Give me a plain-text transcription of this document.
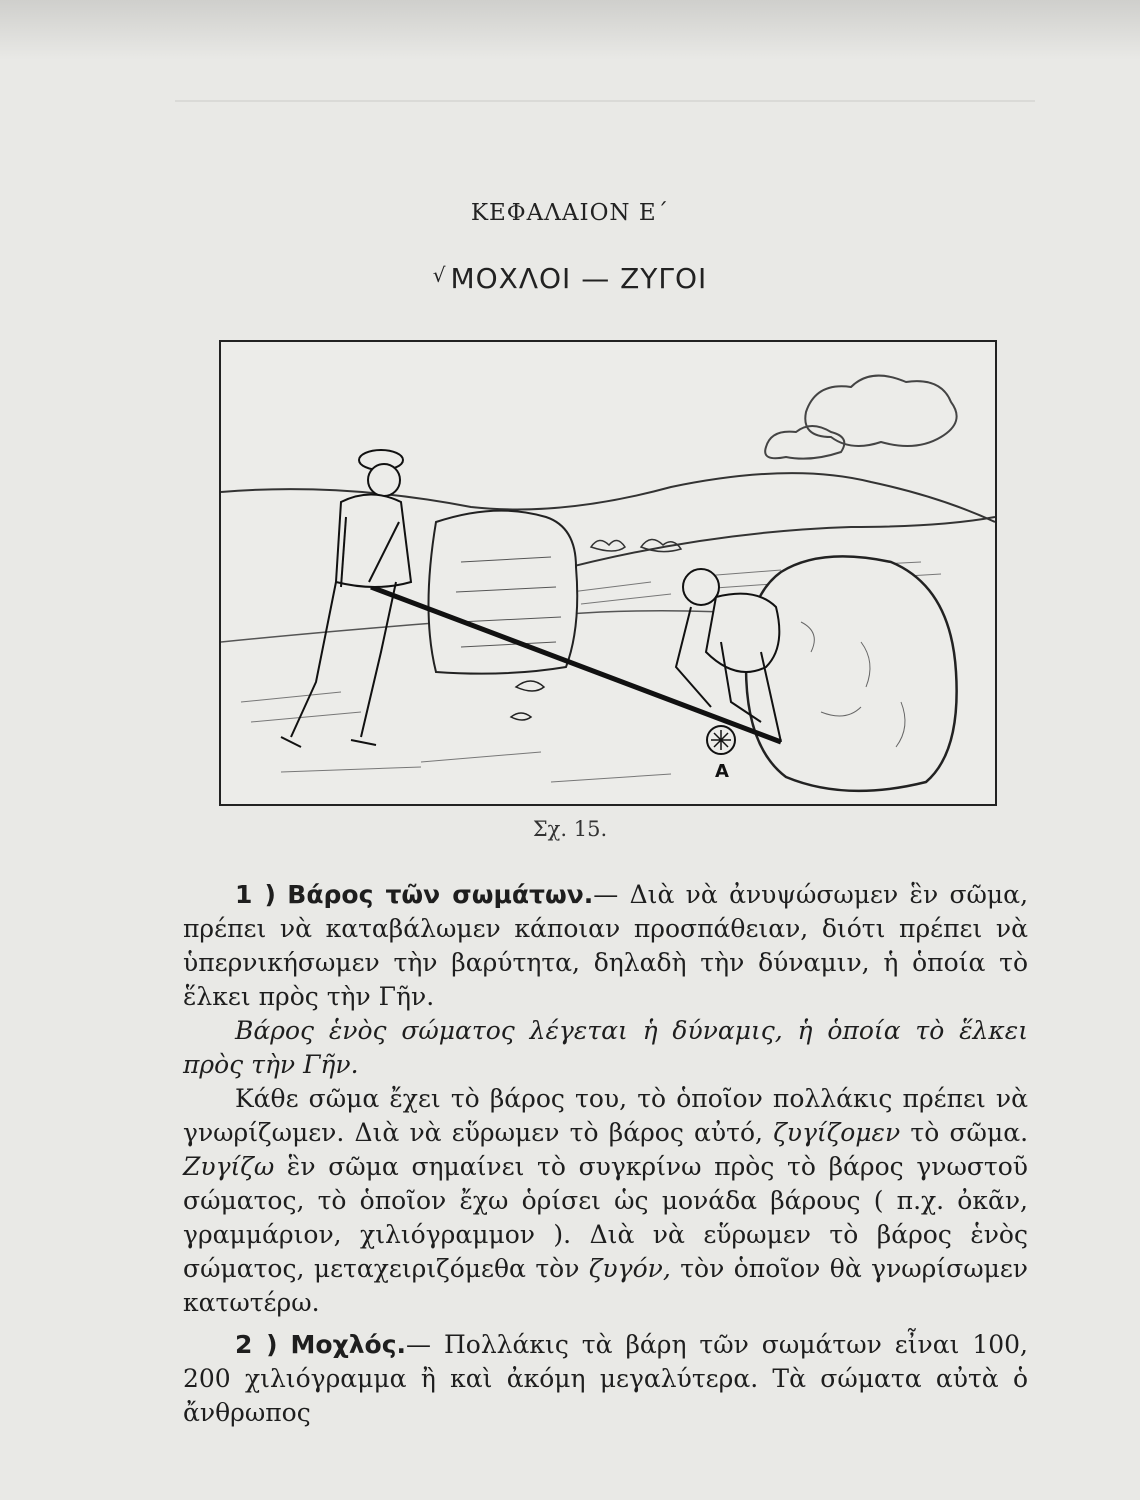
ΚΕΦΑΛΑΙΟΝ Ε΄
√ ΜΟΧΛΟΙ — ΖΥΓΟΙ
Α
Σχ. 15.

1 ) Βάρος τῶν σωμάτων.— Διὰ νὰ ἀνυψώσωμεν ἓν σῶμα, πρέπει νὰ καταβάλωμεν κάποιαν προσπάθειαν, διότι πρέπει νὰ ὑπερνικήσωμεν τὴν βαρύτητα, δηλαδὴ τὴν δύναμιν, ἡ ὁποία τὸ ἕλκει πρὸς τὴν Γῆν.

Βάρος ἑνὸς σώματος λέγεται ἡ δύναμις, ἡ ὁποία τὸ ἕλκει πρὸς τὴν Γῆν.

Κάθε σῶμα ἔχει τὸ βάρος του, τὸ ὁποῖον πολλάκις πρέπει νὰ γνωρίζωμεν. Διὰ νὰ εὕρωμεν τὸ βάρος αὐτό, ζυγίζομεν τὸ σῶμα. Ζυγίζω ἓν σῶμα σημαίνει τὸ συγκρίνω πρὸς τὸ βάρος γνωστοῦ σώματος, τὸ ὁποῖον ἔχω ὁρίσει ὡς μονάδα βάρους ( π.χ. ὀκᾶν, γραμμάριον, χιλιόγραμμον ). Διὰ νὰ εὕρωμεν τὸ βάρος ἑνὸς σώματος, μεταχειριζόμεθα τὸν ζυγόν, τὸν ὁποῖον θὰ γνωρίσωμεν κατωτέρω.

2 ) Μοχλός.— Πολλάκις τὰ βάρη τῶν σωμάτων εἶναι 100, 200 χιλιόγραμμα ἢ καὶ ἀκόμη μεγαλύτερα. Τὰ σώματα αὐτὰ ὁ ἄνθρωπος
